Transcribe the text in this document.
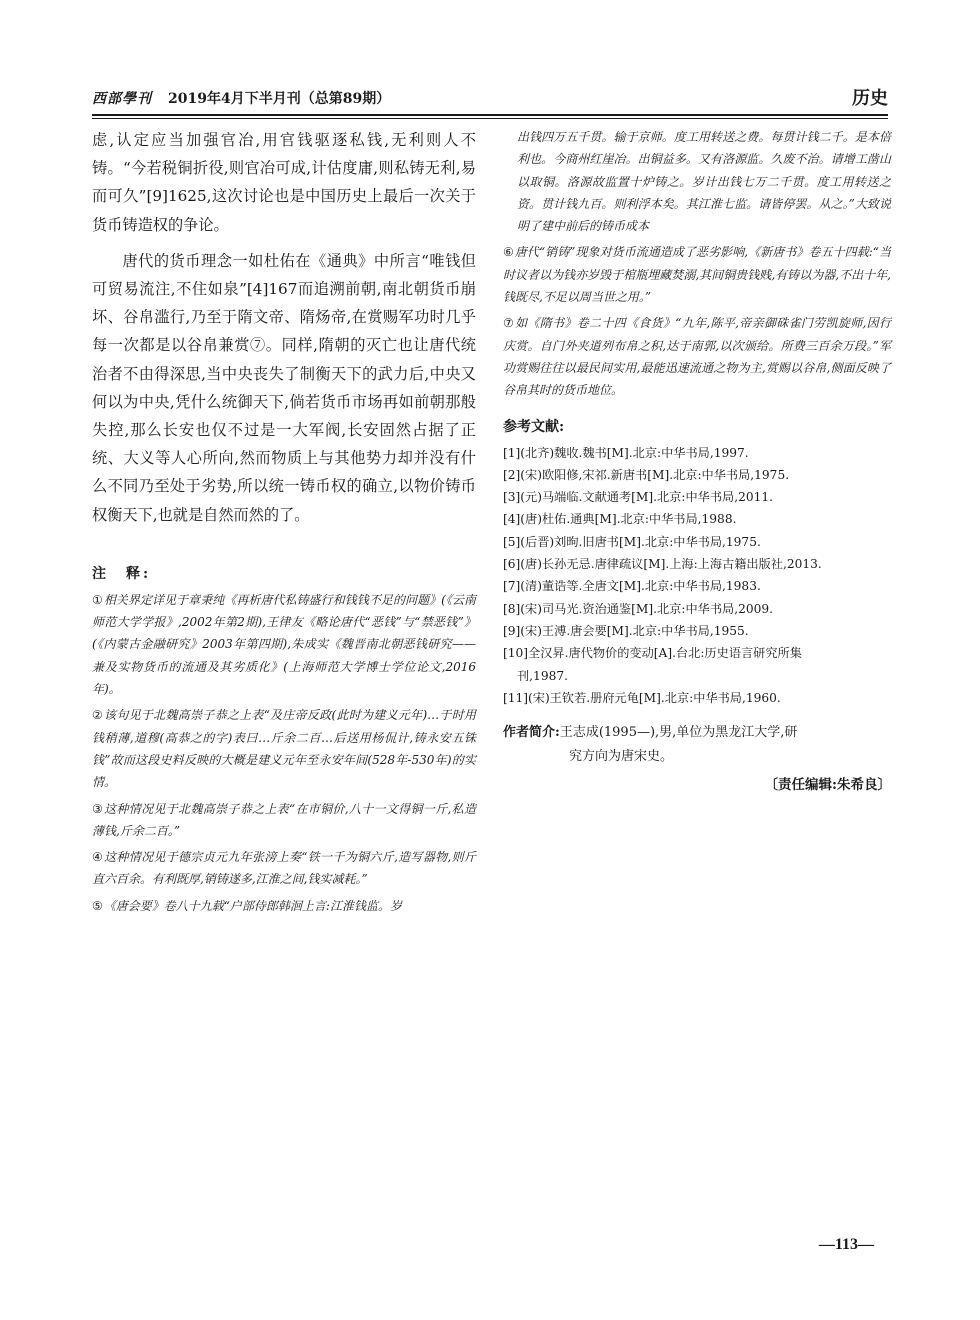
西部學刊 2019年4月下半月刊（总第89期）	历史

虑,认定应当加强官冶,用官钱驱逐私钱,无利则人不铸。“今若税铜折役,则官冶可成,计估度庸,则私铸无利,易而可久”[9]1625,这次讨论也是中国历史上最后一次关于货币铸造权的争论。

唐代的货币理念一如杜佑在《通典》中所言“唯钱但可贸易流注,不住如泉”[4]167而追溯前朝,南北朝货币崩坏、谷帛滥行,乃至于隋文帝、隋炀帝,在赏赐军功时几乎每一次都是以谷帛兼赏⑦。同样,隋朝的灭亡也让唐代统治者不由得深思,当中央丧失了制衡天下的武力后,中央又何以为中央,凭什么统御天下,倘若货币市场再如前朝那般失控,那么长安也仅不过是一大军阀,长安固然占据了正统、大义等人心所向,然而物质上与其他势力却并没有什么不同乃至处于劣势,所以统一铸币权的确立,以物价铸币权衡天下,也就是自然而然的了。

注　释:

①相关界定详见于章秉纯《再析唐代私铸盛行和钱钱不足的问题》(《云南师范大学学报》,2002年第2期),王律友《略论唐代“恶钱”与“禁恶钱”》(《内蒙古金融研究》2003年第四期),朱成实《魏晋南北朝恶钱研究——兼及实物货币的流通及其劣质化》(上海师范大学博士学位论文,2016年)。

②该句见于北魏高崇子恭之上表“及庄帝反政(此时为建义元年)…于时用钱稍薄,道穆(高恭之的字)表曰…斤余二百…后送用杨侃计,铸永安五铢钱”故而这段史料反映的大概是建义元年至永安年间(528年-530年)的实情。

③这种情况见于北魏高崇子恭之上表“在市铜价,八十一文得铜一斤,私造薄钱,斤余二百。”

④这种情况见于德宗贞元九年张滂上奏“铁一千为铜六斤,造写器物,则斤直六百余。有利既厚,销铸遂多,江淮之间,钱实减耗。”

⑤《唐会要》卷八十九载“户部侍郎韩洄上言:江淮钱监。岁

出钱四万五千贯。输于京师。度工用转送之费。每贯计钱二千。是本倍利也。今商州红崖冶。出铜益多。又有洛源监。久废不治。请增工凿山以取铜。洛源故监置十炉铸之。岁计出钱七万二千贯。度工用转送之资。贯计钱九百。则利浮本矣。其江淮七监。请皆停罢。从之。”大致说明了建中前后的铸币成本

⑥唐代“销铸”现象对货币流通造成了恶劣影响,《新唐书》卷五十四载:“当时议者以为钱亦岁毁于棺瓶埋藏焚溺,其间铜贵钱贱,有铸以为器,不出十年,钱既尽,不足以周当世之用。”

⑦如《隋书》卷二十四《食货》“九年,陈平,帝亲御硃雀门劳凯旋师,因行庆赏。自门外夹道列布帛之积,达于南郭,以次颁给。所费三百余万段。”军功赏赐往往以最民间实用,最能迅速流通之物为主,赏赐以谷帛,侧面反映了谷帛其时的货币地位。

参考文献:
[1](北齐)魏收.魏书[M].北京:中华书局,1997.
[2](宋)欧阳修,宋祁.新唐书[M].北京:中华书局,1975.
[3](元)马端临.文献通考[M].北京:中华书局,2011.
[4](唐)杜佑.通典[M].北京:中华书局,1988.
[5](后晋)刘昫.旧唐书[M].北京:中华书局,1975.
[6](唐)长孙无忌.唐律疏议[M].上海:上海古籍出版社,2013.
[7](清)董诰等.全唐文[M].北京:中华书局,1983.
[8](宋)司马光.资治通鉴[M].北京:中华书局,2009.
[9](宋)王溥.唐会要[M].北京:中华书局,1955.
[10]全汉昇.唐代物价的变动[A].台北:历史语言研究所集
刊,1987.
[11](宋)王钦若.册府元龟[M].北京:中华书局,1960.
作者简介:王志成(1995—),男,单位为黑龙江大学,研
究方向为唐宋史。
〔责任编辑:朱希良〕
—113—
